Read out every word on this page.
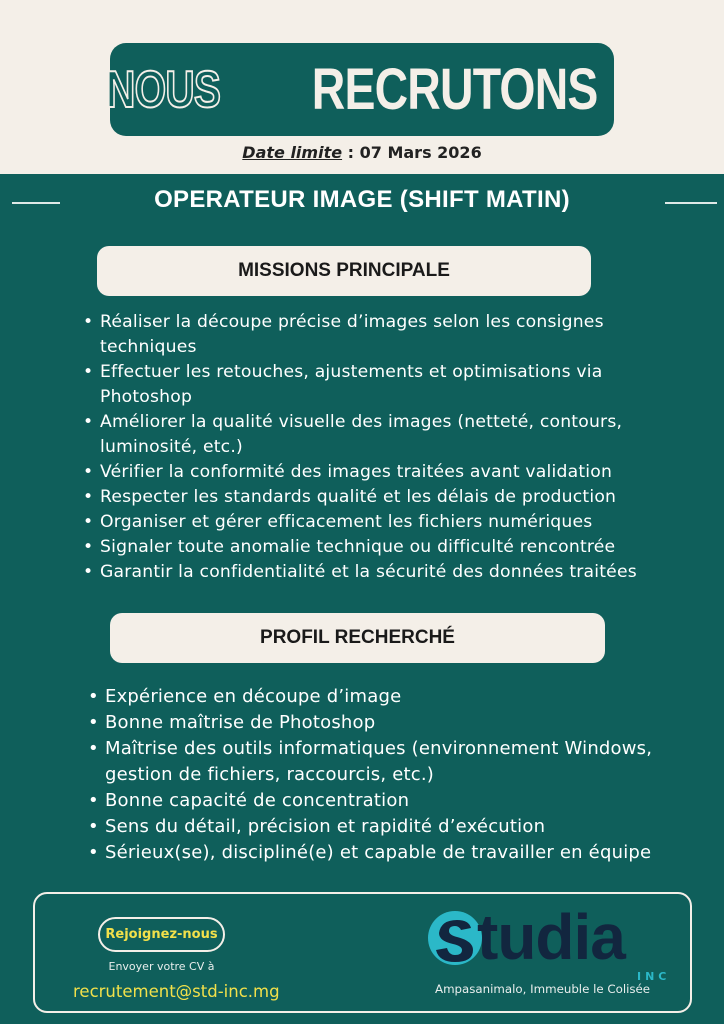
NOUS RECRUTONS
Date limite : 07 Mars 2026
OPERATEUR IMAGE (SHIFT MATIN)
MISSIONS PRINCIPALE
• Réaliser la découpe précise d’images selon les consignes techniques
• Effectuer les retouches, ajustements et optimisations via Photoshop
• Améliorer la qualité visuelle des images (netteté, contours, luminosité, etc.)
• Vérifier la conformité des images traitées avant validation
• Respecter les standards qualité et les délais de production
• Organiser et gérer efficacement les fichiers numériques
• Signaler toute anomalie technique ou difficulté rencontrée
• Garantir la confidentialité et la sécurité des données traitées
PROFIL RECHERCHÉ
• Expérience en découpe d’image
• Bonne maîtrise de Photoshop
• Maîtrise des outils informatiques (environnement Windows, gestion de fichiers, raccourcis, etc.)
• Bonne capacité de concentration
• Sens du détail, précision et rapidité d’exécution
• Sérieux(se), discipliné(e) et capable de travailler en équipe
Rejoignez-nous
Envoyer votre CV à
recrutement@std-inc.mg
tudia
INC
Ampasanimalo, Immeuble le Colisée
